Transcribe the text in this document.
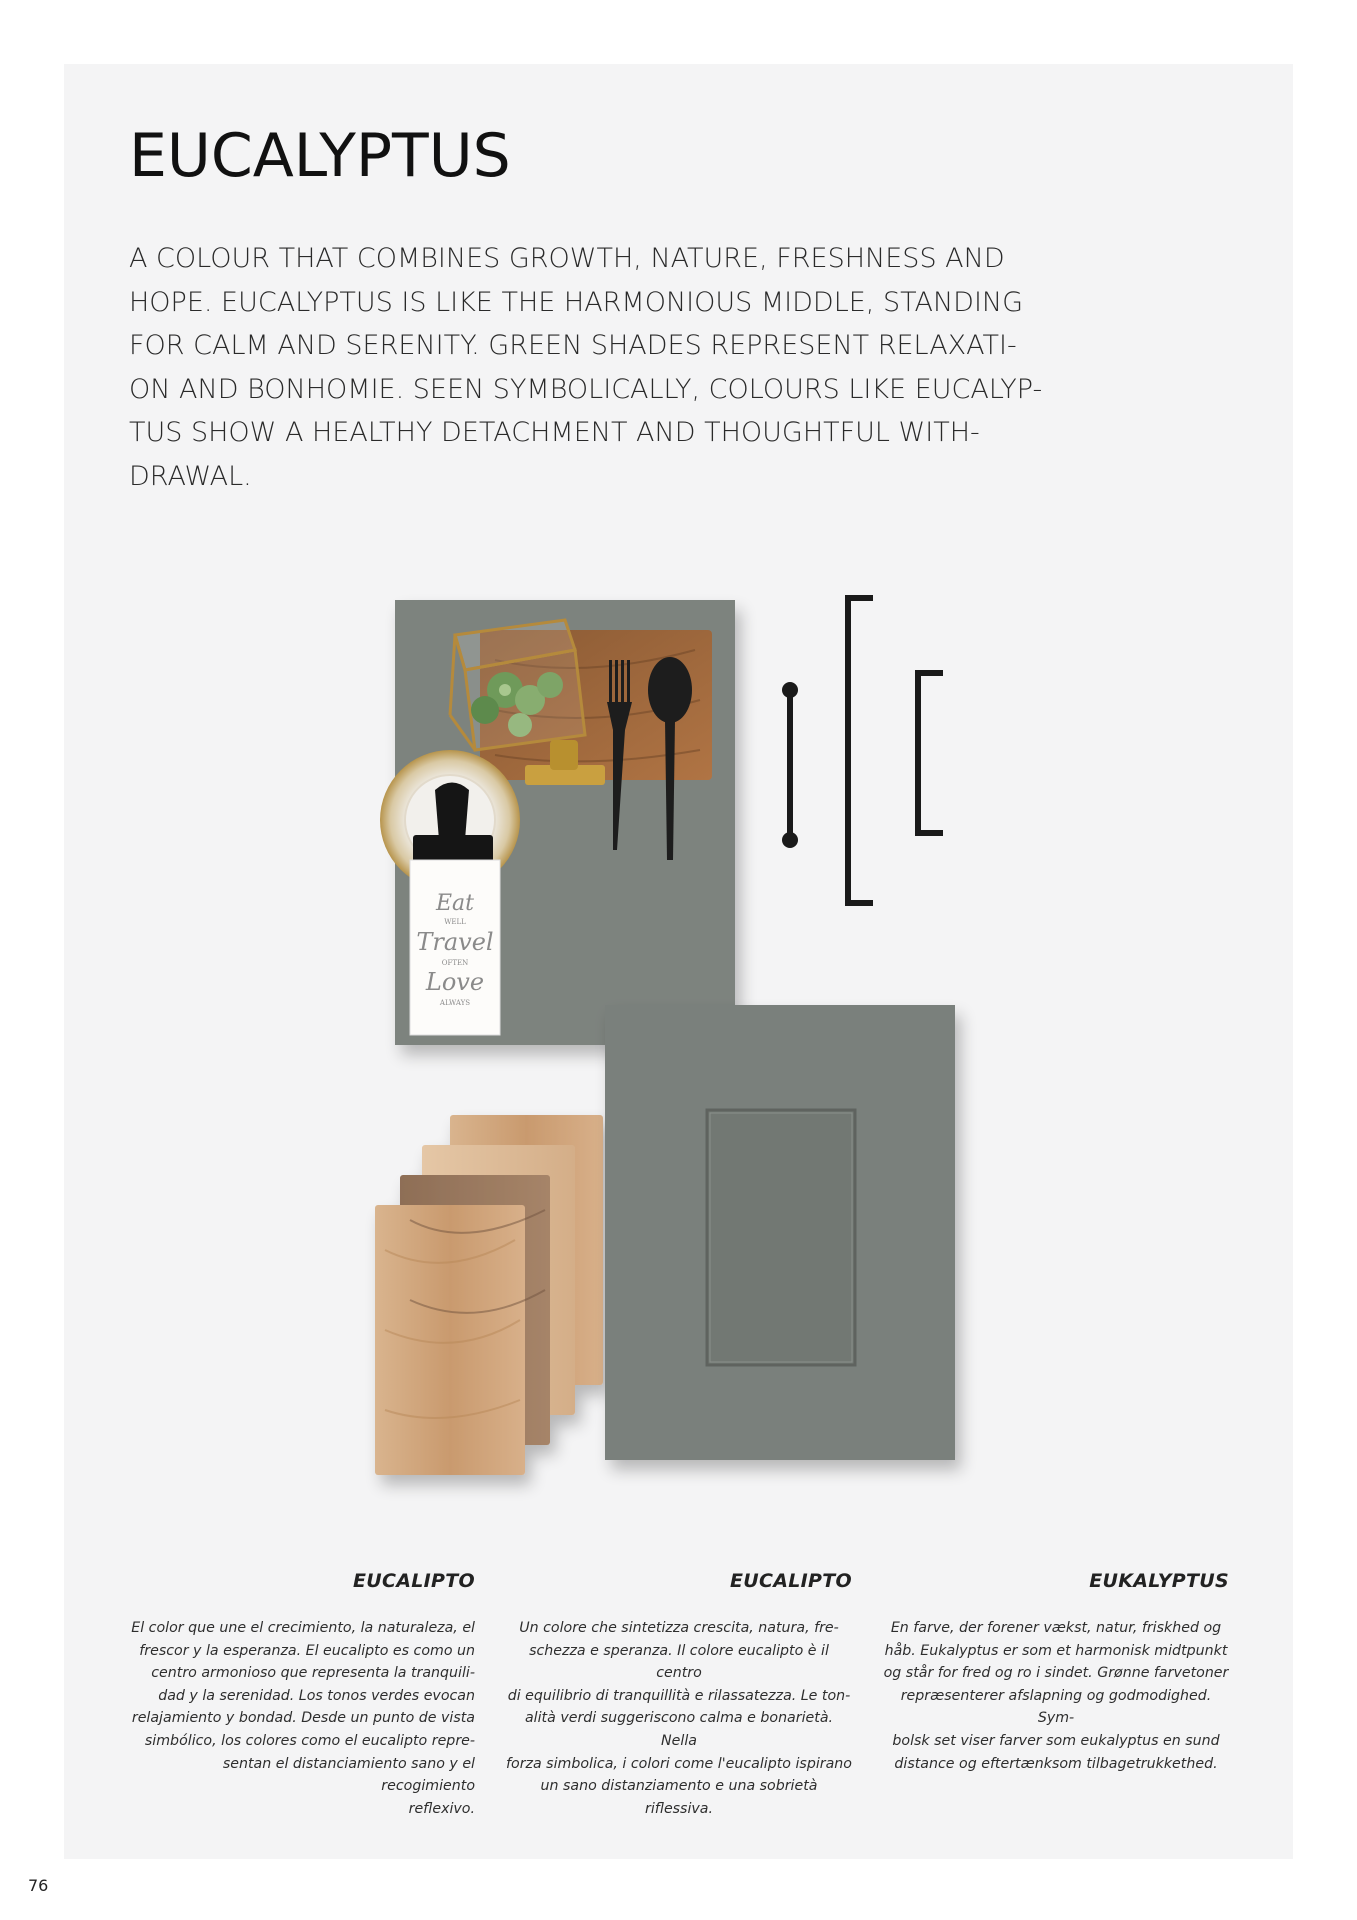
EUCALYPTUS

A COLOUR THAT COMBINES GROWTH, NATURE, FRESHNESS AND
HOPE. EUCALYPTUS IS LIKE THE HARMONIOUS MIDDLE, STANDING
FOR CALM AND SERENITY. GREEN SHADES REPRESENT RELAXATI-
ON AND BONHOMIE. SEEN SYMBOLICALLY, COLOURS LIKE EUCALYP-
TUS SHOW A HEALTHY DETACHMENT AND THOUGHTFUL WITH-
DRAWAL.

Eat
WELL
Travel
OFTEN
Love
ALWAYS
EUCALIPTO

El color que une el crecimiento, la naturaleza, el
frescor y la esperanza. El eucalipto es como un
centro armonioso que representa la tranquili-
dad y la serenidad. Los tonos verdes evocan
relajamiento y bondad. Desde un punto de vista
simbólico, los colores como el eucalipto repre-
sentan el distanciamiento sano y el recogimiento
reflexivo.

EUCALIPTO

Un colore che sintetizza crescita, natura, fre-
schezza e speranza. Il colore eucalipto è il centro
di equilibrio di tranquillità e rilassatezza. Le ton-
alità verdi suggeriscono calma e bonarietà. Nella
forza simbolica, i colori come l'eucalipto ispirano
un sano distanziamento e una sobrietà riflessiva.

EUKALYPTUS

En farve, der forener vækst, natur, friskhed og
håb. Eukalyptus er som et harmonisk midtpunkt
og står for fred og ro i sindet. Grønne farvetoner
repræsenterer afslapning og godmodighed. Sym-
bolsk set viser farver som eukalyptus en sund
distance og eftertænksom tilbagetrukkethed.

76
